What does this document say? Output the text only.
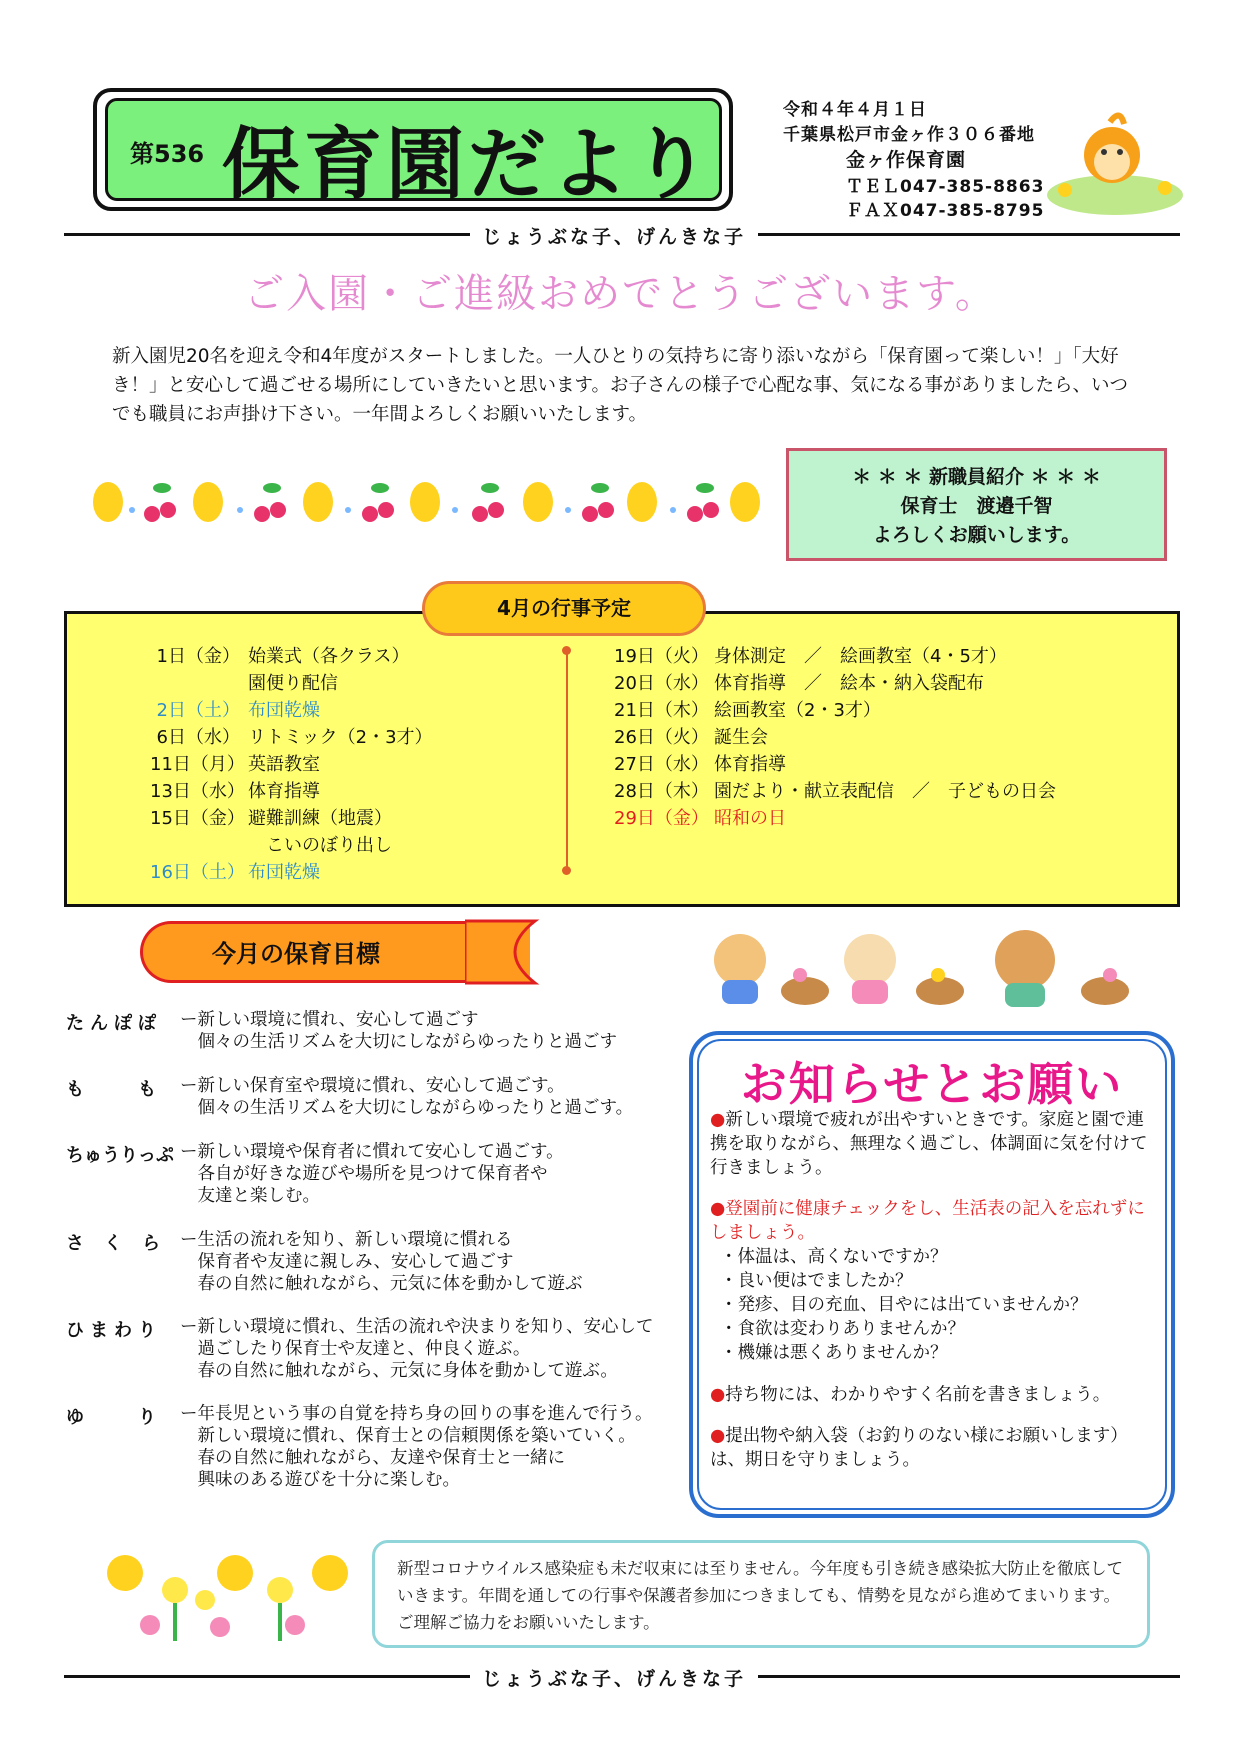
第536 保育園だより
令和４年４月１日
千葉県松戸市金ヶ作３０６番地
金ヶ作保育園
ＴＥＬ047-385-8863
ＦＡＸ047-385-8795
じょうぶな子、げんきな子
ご入園・ご進級おめでとうございます。
新入園児20名を迎え令和4年度がスタートしました。一人ひとりの気持ちに寄り添いながら「保育園って楽しい！」「大好き！」と安心して過ごせる場所にしていきたいと思います。お子さんの様子で心配な事、気になる事がありましたら、いつでも職員にお声掛け下さい。一年間よろしくお願いいたします。
＊ ＊ ＊ 新職員紹介 ＊ ＊ ＊
保育士　渡邉千智
よろしくお願いします。
4月の行事予定
1日（金） 始業式（各クラス）
園便り配信
2日（土） 布団乾燥
6日（水） リトミック（2・3才）
11日（月） 英語教室
13日（水） 体育指導
15日（金） 避難訓練（地震）
　こいのぼり出し
16日（土） 布団乾燥
19日（火） 身体測定　／　絵画教室（4・5才）
20日（水） 体育指導　／　絵本・納入袋配布
21日（木） 絵画教室（2・3才）
26日（火） 誕生会
27日（水） 体育指導
28日（木） 園だより・献立表配信　／　子どもの日会
29日（金） 昭和の日
今月の保育目標
たんぽぽ ー新しい環境に慣れ、安心して過ごす
　個々の生活リズムを大切にしながらゆったりと過ごす
も　　も ー新しい保育室や環境に慣れ、安心して過ごす。
　個々の生活リズムを大切にしながらゆったりと過ごす。
ちゅうりっぷ ー新しい環境や保育者に慣れて安心して過ごす。
　各自が好きな遊びや場所を見つけて保育者や
　友達と楽しむ。
さくら ー生活の流れを知り、新しい環境に慣れる
　保育者や友達に親しみ、安心して過ごす
　春の自然に触れながら、元気に体を動かして遊ぶ
ひまわり ー新しい環境に慣れ、生活の流れや決まりを知り、安心して
　過ごしたり保育士や友達と、仲良く遊ぶ。
　春の自然に触れながら、元気に身体を動かして遊ぶ。
ゆ　　り ー年長児という事の自覚を持ち身の回りの事を進んで行う。
　新しい環境に慣れ、保育士との信頼関係を築いていく。
　春の自然に触れながら、友達や保育士と一緒に
　興味のある遊びを十分に楽しむ。
お知らせとお願い

●新しい環境で疲れが出やすいときです。家庭と園で連携を取りながら、無理なく過ごし、体調面に気を付けて行きましょう。

●登園前に健康チェックをし、生活表の記入を忘れずにしましょう。

・体温は、高くないですか？
・良い便はでましたか？
・発疹、目の充血、目やには出ていませんか？
・食欲は変わりありませんか？
・機嫌は悪くありませんか？

●持ち物には、わかりやすく名前を書きましょう。

●提出物や納入袋（お釣りのない様にお願いします）は、期日を守りましょう。

新型コロナウイルス感染症も未だ収束には至りません。今年度も引き続き感染拡大防止を徹底していきます。年間を通しての行事や保護者参加につきましても、情勢を見ながら進めてまいります。ご理解ご協力をお願いいたします。
じょうぶな子、げんきな子
